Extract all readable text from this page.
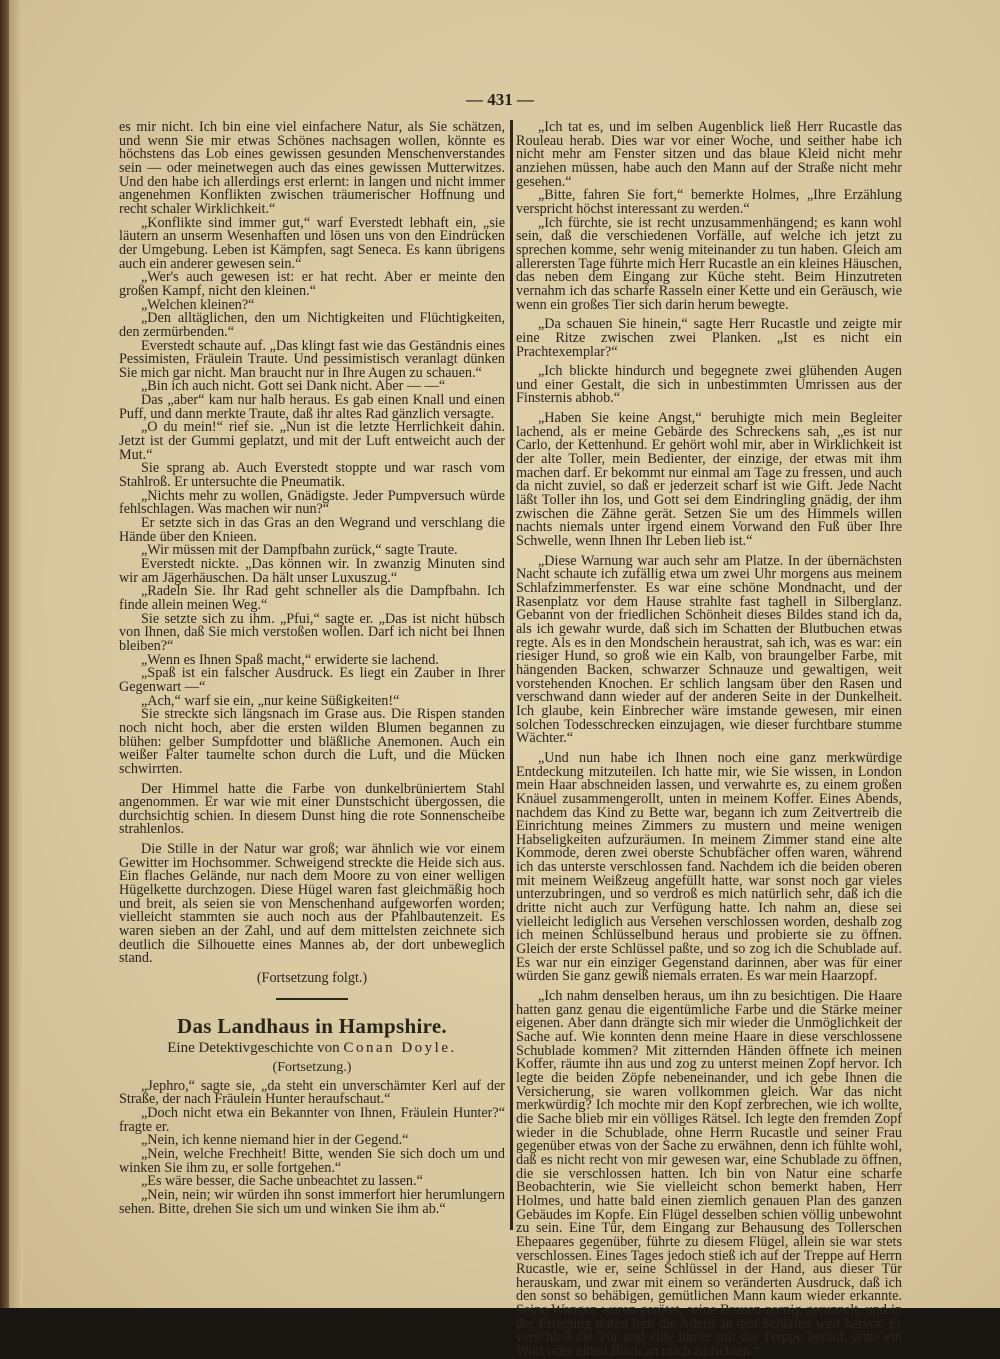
— 431 —

es mir nicht. Ich bin eine viel einfachere Natur, als Sie schätzen, und wenn Sie mir etwas Schönes nachsagen wollen, könnte es höchstens das Lob eines gewissen gesunden Menschenverstandes sein — oder meinetwegen auch das eines gewissen Mutterwitzes. Und den habe ich allerdings erst erlernt: in langen und nicht immer angenehmen Konflikten zwischen träumerischer Hoffnung und recht schaler Wirklichkeit.“

„Konflikte sind immer gut,“ warf Everstedt lebhaft ein, „sie läutern an unserm Wesenhaften und lösen uns von den Eindrücken der Umgebung. Leben ist Kämpfen, sagt Seneca. Es kann übrigens auch ein anderer gewesen sein.“

„Wer's auch gewesen ist: er hat recht. Aber er meinte den großen Kampf, nicht den kleinen.“

„Welchen kleinen?“

„Den alltäglichen, den um Nichtigkeiten und Flüchtigkeiten, den zermürbenden.“

Everstedt schaute auf. „Das klingt fast wie das Geständnis eines Pessimisten, Fräulein Traute. Und pessimistisch veranlagt dünken Sie mich gar nicht. Man braucht nur in Ihre Augen zu schauen.“

„Bin ich auch nicht. Gott sei Dank nicht. Aber — —“

Das „aber“ kam nur halb heraus. Es gab einen Knall und einen Puff, und dann merkte Traute, daß ihr altes Rad gänzlich versagte.

„O du mein!“ rief sie. „Nun ist die letzte Herrlichkeit dahin. Jetzt ist der Gummi geplatzt, und mit der Luft entweicht auch der Mut.“

Sie sprang ab. Auch Everstedt stoppte und war rasch vom Stahlroß. Er untersuchte die Pneumatik.

„Nichts mehr zu wollen, Gnädigste. Jeder Pumpversuch würde fehlschlagen. Was machen wir nun?“

Er setzte sich in das Gras an den Wegrand und verschlang die Hände über den Knieen.

„Wir müssen mit der Dampfbahn zurück,“ sagte Traute.

Everstedt nickte. „Das können wir. In zwanzig Minuten sind wir am Jägerhäuschen. Da hält unser Luxuszug.“

„Radeln Sie. Ihr Rad geht schneller als die Dampfbahn. Ich finde allein meinen Weg.“

Sie setzte sich zu ihm. „Pfui,“ sagte er. „Das ist nicht hübsch von Ihnen, daß Sie mich verstoßen wollen. Darf ich nicht bei Ihnen bleiben?“

„Wenn es Ihnen Spaß macht,“ erwiderte sie lachend.

„Spaß ist ein falscher Ausdruck. Es liegt ein Zauber in Ihrer Gegenwart —“

„Ach,“ warf sie ein, „nur keine Süßigkeiten!“

Sie streckte sich längsnach im Grase aus. Die Rispen standen noch nicht hoch, aber die ersten wilden Blumen begannen zu blühen: gelber Sumpfdotter und bläßliche Anemonen. Auch ein weißer Falter taumelte schon durch die Luft, und die Mücken schwirrten.

Der Himmel hatte die Farbe von dunkelbrüniertem Stahl angenommen. Er war wie mit einer Dunstschicht übergossen, die durchsichtig schien. In diesem Dunst hing die rote Sonnenscheibe strahlenlos.

Die Stille in der Natur war groß; war ähnlich wie vor einem Gewitter im Hochsommer. Schweigend streckte die Heide sich aus. Ein flaches Gelände, nur nach dem Moore zu von einer welligen Hügelkette durchzogen. Diese Hügel waren fast gleichmäßig hoch und breit, als seien sie von Menschenhand aufgeworfen worden; vielleicht stammten sie auch noch aus der Pfahlbautenzeit. Es waren sieben an der Zahl, und auf dem mittelsten zeichnete sich deutlich die Silhouette eines Mannes ab, der dort unbeweglich stand.

(Fortsetzung folgt.)

Das Landhaus in Hampshire.
Eine Detektivgeschichte von Conan Doyle.
(Fortsetzung.)

„Jephro,“ sagte sie, „da steht ein unverschämter Kerl auf der Straße, der nach Fräulein Hunter heraufschaut.“

„Doch nicht etwa ein Bekannter von Ihnen, Fräulein Hunter?“ fragte er.

„Nein, ich kenne niemand hier in der Gegend.“

„Nein, welche Frechheit! Bitte, wenden Sie sich doch um und winken Sie ihm zu, er solle fortgehen.“

„Es wäre besser, die Sache unbeachtet zu lassen.“

„Nein, nein; wir würden ihn sonst immerfort hier herumlungern sehen. Bitte, drehen Sie sich um und winken Sie ihm ab.“

„Ich tat es, und im selben Augenblick ließ Herr Rucastle das Rouleau herab. Dies war vor einer Woche, und seither habe ich nicht mehr am Fenster sitzen und das blaue Kleid nicht mehr anziehen müssen, habe auch den Mann auf der Straße nicht mehr gesehen.“

„Bitte, fahren Sie fort,“ bemerkte Holmes, „Ihre Erzählung verspricht höchst interessant zu werden.“

„Ich fürchte, sie ist recht unzusammenhängend; es kann wohl sein, daß die verschiedenen Vorfälle, auf welche ich jetzt zu sprechen komme, sehr wenig miteinander zu tun haben. Gleich am allerersten Tage führte mich Herr Rucastle an ein kleines Häuschen, das neben dem Eingang zur Küche steht. Beim Hinzutreten vernahm ich das scharfe Rasseln einer Kette und ein Geräusch, wie wenn ein großes Tier sich darin herum bewegte.

„Da schauen Sie hinein,“ sagte Herr Rucastle und zeigte mir eine Ritze zwischen zwei Planken. „Ist es nicht ein Prachtexemplar?“

„Ich blickte hindurch und begegnete zwei glühenden Augen und einer Gestalt, die sich in unbestimmten Umrissen aus der Finsternis abhob.“

„Haben Sie keine Angst,“ beruhigte mich mein Begleiter lachend, als er meine Gebärde des Schreckens sah, „es ist nur Carlo, der Kettenhund. Er gehört wohl mir, aber in Wirklichkeit ist der alte Toller, mein Bedienter, der einzige, der etwas mit ihm machen darf. Er bekommt nur einmal am Tage zu fressen, und auch da nicht zuviel, so daß er jederzeit scharf ist wie Gift. Jede Nacht läßt Toller ihn los, und Gott sei dem Eindringling gnädig, der ihm zwischen die Zähne gerät. Setzen Sie um des Himmels willen nachts niemals unter irgend einem Vorwand den Fuß über Ihre Schwelle, wenn Ihnen Ihr Leben lieb ist.“

„Diese Warnung war auch sehr am Platze. In der übernächsten Nacht schaute ich zufällig etwa um zwei Uhr morgens aus meinem Schlafzimmerfenster. Es war eine schöne Mondnacht, und der Rasenplatz vor dem Hause strahlte fast taghell in Silberglanz. Gebannt von der friedlichen Schönheit dieses Bildes stand ich da, als ich gewahr wurde, daß sich im Schatten der Blutbuchen etwas regte. Als es in den Mondschein heraustrat, sah ich, was es war: ein riesiger Hund, so groß wie ein Kalb, von braungelber Farbe, mit hängenden Backen, schwarzer Schnauze und gewaltigen, weit vorstehenden Knochen. Er schlich langsam über den Rasen und verschwand dann wieder auf der anderen Seite in der Dunkelheit. Ich glaube, kein Einbrecher wäre imstande gewesen, mir einen solchen Todesschrecken einzujagen, wie dieser furchtbare stumme Wächter.“

„Und nun habe ich Ihnen noch eine ganz merkwürdige Entdeckung mitzuteilen. Ich hatte mir, wie Sie wissen, in London mein Haar abschneiden lassen, und verwahrte es, zu einem großen Knäuel zusammengerollt, unten in meinem Koffer. Eines Abends, nachdem das Kind zu Bette war, begann ich zum Zeitvertreib die Einrichtung meines Zimmers zu mustern und meine wenigen Habseligkeiten aufzuräumen. In meinem Zimmer stand eine alte Kommode, deren zwei oberste Schubfächer offen waren, während ich das unterste verschlossen fand. Nachdem ich die beiden oberen mit meinem Weißzeug angefüllt hatte, war sonst noch gar vieles unterzubringen, und so verdroß es mich natürlich sehr, daß ich die dritte nicht auch zur Verfügung hatte. Ich nahm an, diese sei vielleicht lediglich aus Versehen verschlossen worden, deshalb zog ich meinen Schlüsselbund heraus und probierte sie zu öffnen. Gleich der erste Schlüssel paßte, und so zog ich die Schublade auf. Es war nur ein einziger Gegenstand darinnen, aber was für einer würden Sie ganz gewiß niemals erraten. Es war mein Haarzopf.

„Ich nahm denselben heraus, um ihn zu besichtigen. Die Haare hatten ganz genau die eigentümliche Farbe und die Stärke meiner eigenen. Aber dann drängte sich mir wieder die Unmöglichkeit der Sache auf. Wie konnten denn meine Haare in diese verschlossene Schublade kommen? Mit zitternden Händen öffnete ich meinen Koffer, räumte ihn aus und zog zu unterst meinen Zopf hervor. Ich legte die beiden Zöpfe nebeneinander, und ich gebe Ihnen die Versicherung, sie waren vollkommen gleich. War das nicht merkwürdig? Ich mochte mir den Kopf zerbrechen, wie ich wollte, die Sache blieb mir ein völliges Rätsel. Ich legte den fremden Zopf wieder in die Schublade, ohne Herrn Rucastle und seiner Frau gegenüber etwas von der Sache zu erwähnen, denn ich fühlte wohl, daß es nicht recht von mir gewesen war, eine Schublade zu öffnen, die sie verschlossen hatten. Ich bin von Natur eine scharfe Beobachterin, wie Sie vielleicht schon bemerkt haben, Herr Holmes, und hatte bald einen ziemlich genauen Plan des ganzen Gebäudes im Kopfe. Ein Flügel desselben schien völlig unbewohnt zu sein. Eine Tür, dem Eingang zur Behausung des Tollerschen Ehepaares gegenüber, führte zu diesem Flügel, allein sie war stets verschlossen. Eines Tages jedoch stieß ich auf der Treppe auf Herrn Rucastle, wie er, seine Schlüssel in der Hand, aus dieser Tür herauskam, und zwar mit einem so veränderten Ausdruck, daß ich den sonst so behäbigen, gemütlichen Mann kaum wieder erkannte. Seine Wangen waren gerötet, seine Brauen zornig gerunzelt, und in der Erregung traten ihm die Adern an den Schläfen weit hervor. Er verschloß die Tür und eilte hinter mir die Treppe herauf, ohne ein Wort oder einen Blick an mich zu richten.“
